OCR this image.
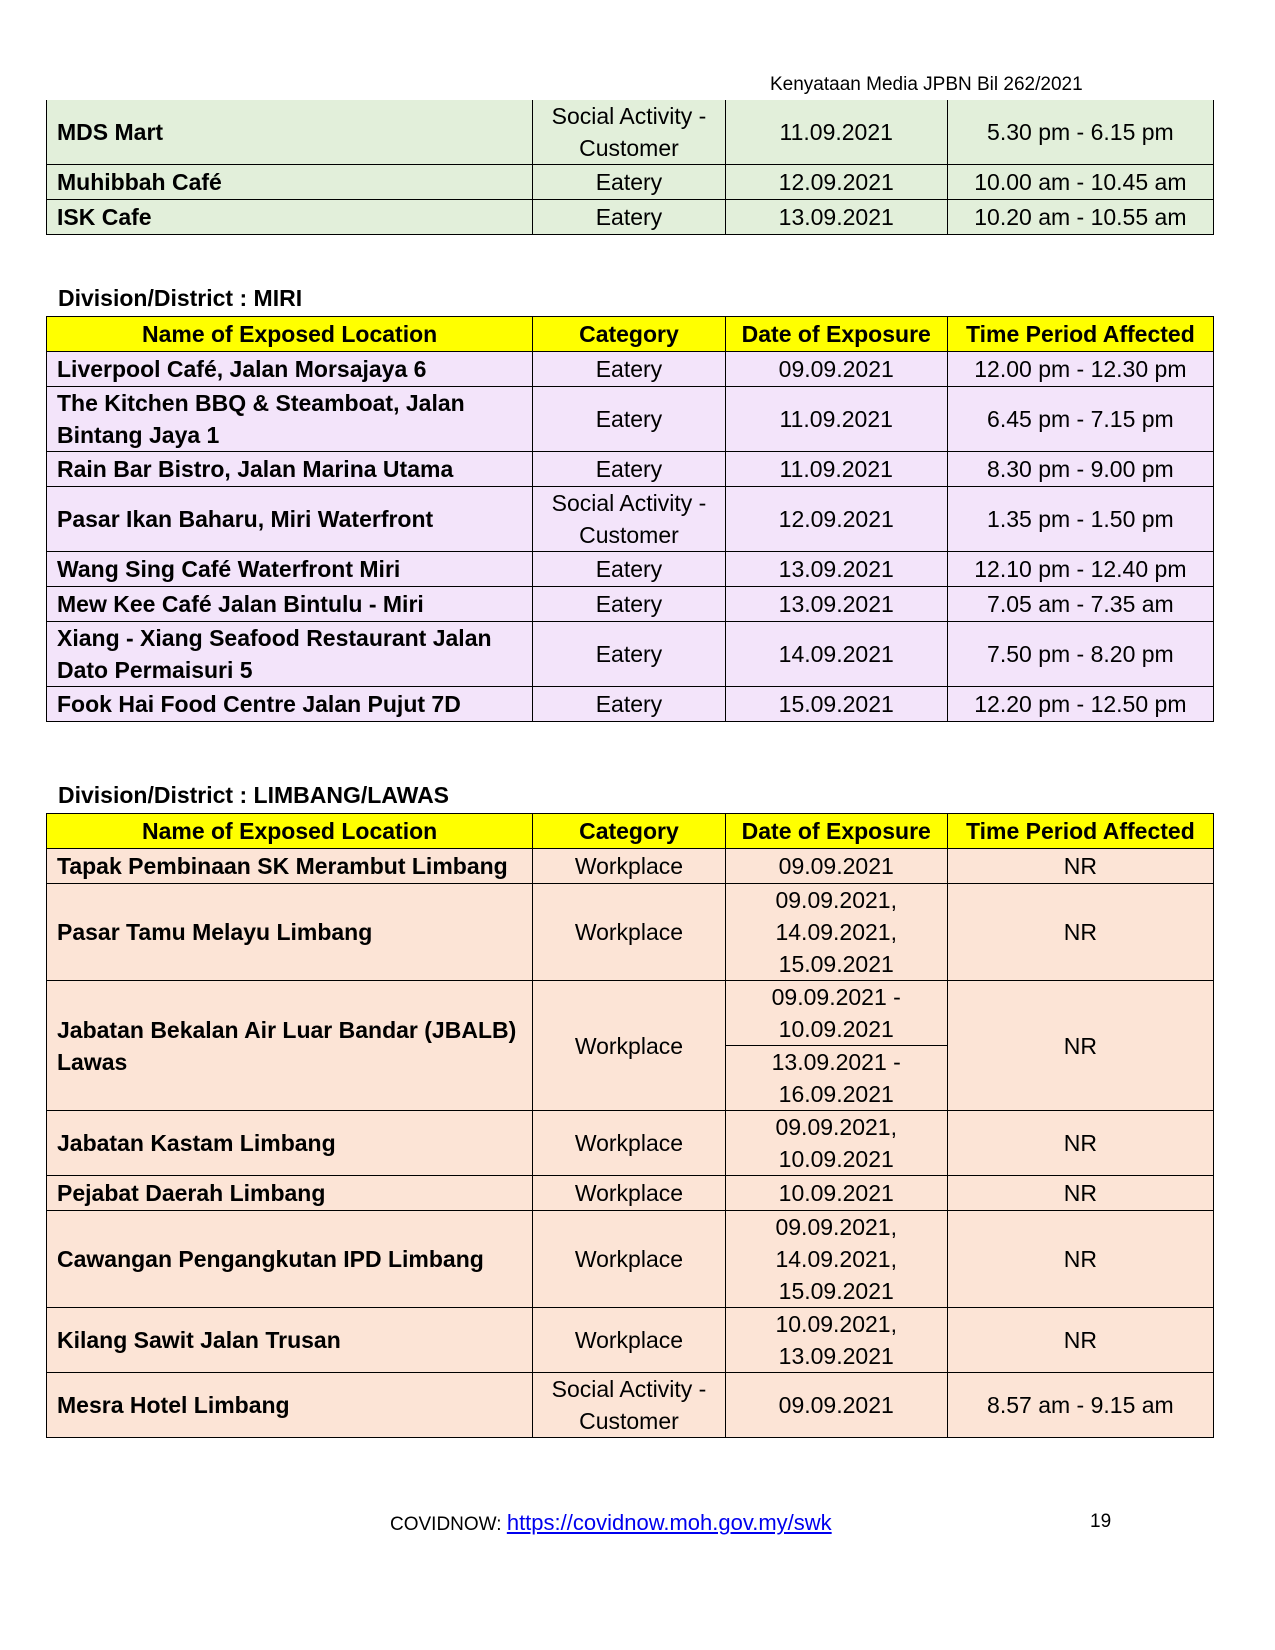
Kenyataan Media JPBN Bil 262/2021
MDS Mart	Social Activity - Customer	11.09.2021	5.30 pm - 6.15 pm
Muhibbah Café	Eatery	12.09.2021	10.00 am - 10.45 am
ISK Cafe	Eatery	13.09.2021	10.20 am - 10.55 am
Division/District : MIRI
Name of Exposed Location	Category	Date of Exposure	Time Period Affected
Liverpool Café, Jalan Morsajaya 6	Eatery	09.09.2021	12.00 pm - 12.30 pm
The Kitchen BBQ & Steamboat, Jalan Bintang Jaya 1	Eatery	11.09.2021	6.45 pm - 7.15 pm
Rain Bar Bistro, Jalan Marina Utama	Eatery	11.09.2021	8.30 pm - 9.00 pm
Pasar Ikan Baharu, Miri Waterfront	Social Activity - Customer	12.09.2021	1.35 pm - 1.50 pm
Wang Sing Café Waterfront Miri	Eatery	13.09.2021	12.10 pm - 12.40 pm
Mew Kee Café Jalan Bintulu - Miri	Eatery	13.09.2021	7.05 am - 7.35 am
Xiang - Xiang Seafood Restaurant Jalan Dato Permaisuri 5	Eatery	14.09.2021	7.50 pm - 8.20 pm
Fook Hai Food Centre Jalan Pujut 7D	Eatery	15.09.2021	12.20 pm - 12.50 pm
Division/District : LIMBANG/LAWAS
Name of Exposed Location	Category	Date of Exposure	Time Period Affected
Tapak Pembinaan SK Merambut Limbang	Workplace	09.09.2021	NR
Pasar Tamu Melayu Limbang	Workplace	09.09.2021, 14.09.2021, 15.09.2021	NR
Jabatan Bekalan Air Luar Bandar (JBALB) Lawas	Workplace	09.09.2021 - 10.09.2021	NR
		13.09.2021 - 16.09.2021	
Jabatan Kastam Limbang	Workplace	09.09.2021, 10.09.2021	NR
Pejabat Daerah Limbang	Workplace	10.09.2021	NR
Cawangan Pengangkutan IPD Limbang	Workplace	09.09.2021, 14.09.2021, 15.09.2021	NR
Kilang Sawit Jalan Trusan	Workplace	10.09.2021, 13.09.2021	NR
Mesra Hotel Limbang	Social Activity - Customer	09.09.2021	8.57 am - 9.15 am
COVIDNOW: https://covidnow.moh.gov.my/swk	19
